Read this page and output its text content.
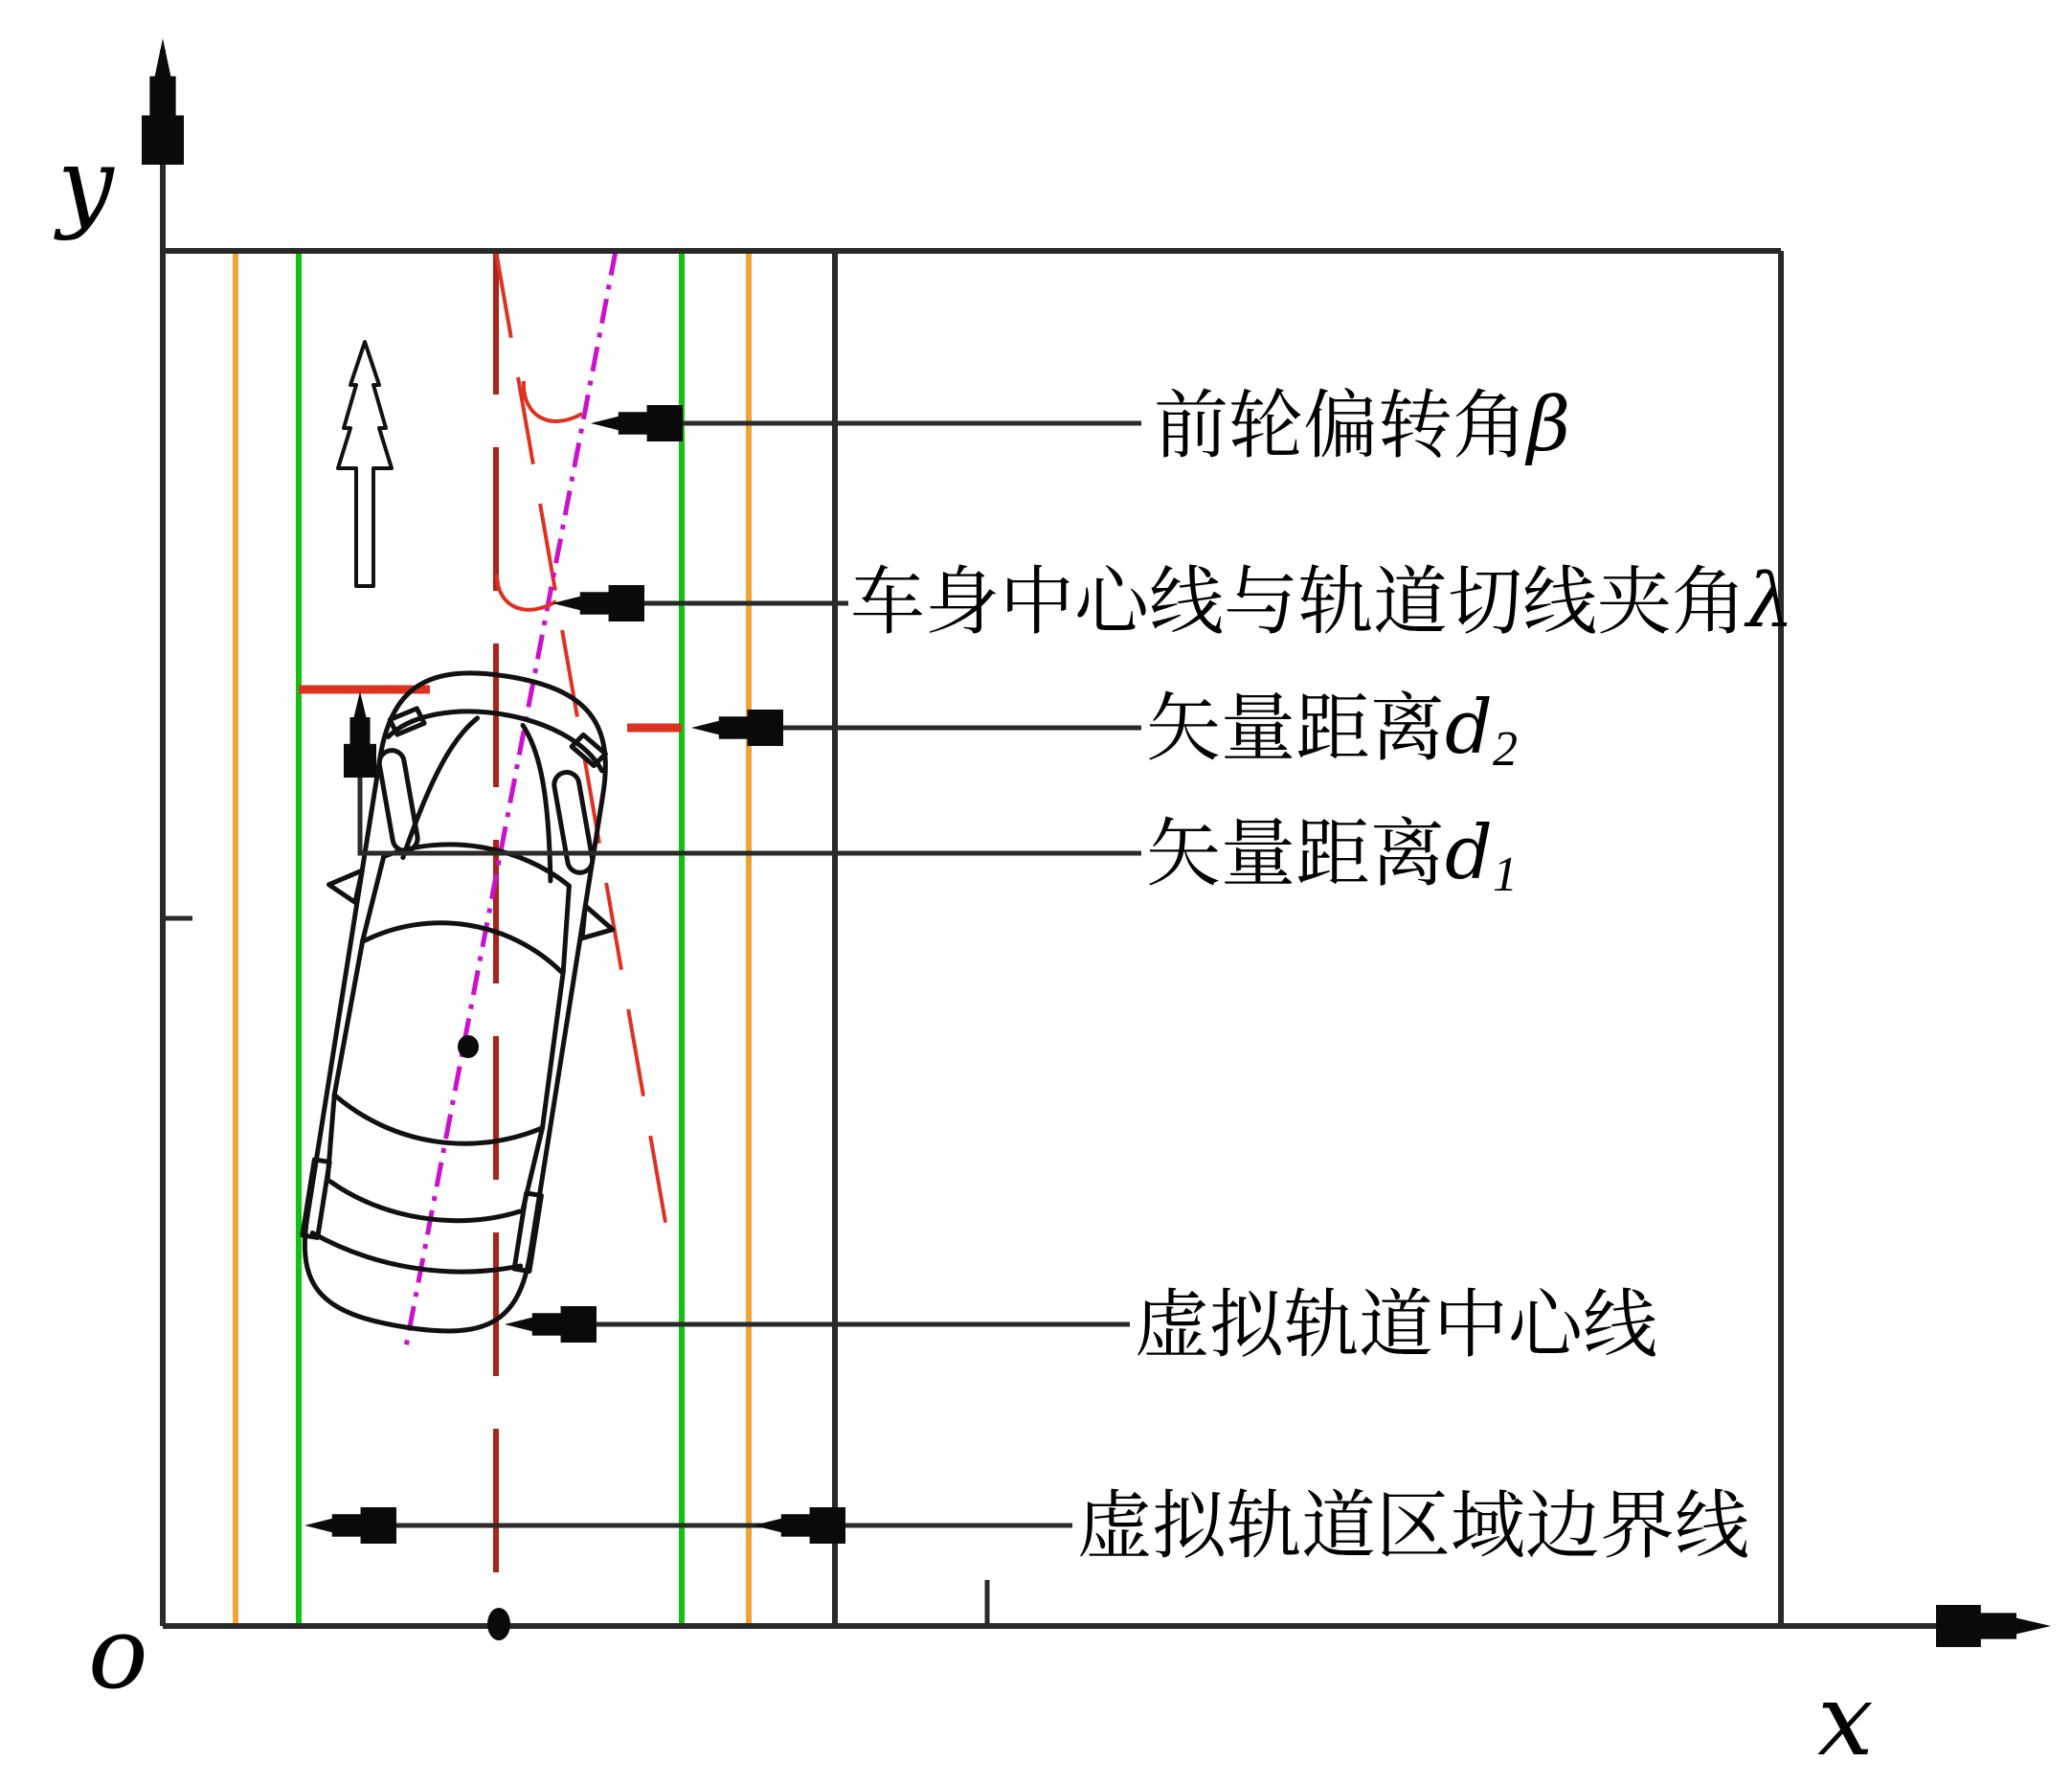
前轮偏转角β
车身中心线与轨道切线夹角λ
矢量距离$d_2$
矢量距离$d_1$
虚拟轨道中心线
虚拟轨道区域边界线
y
x
o
